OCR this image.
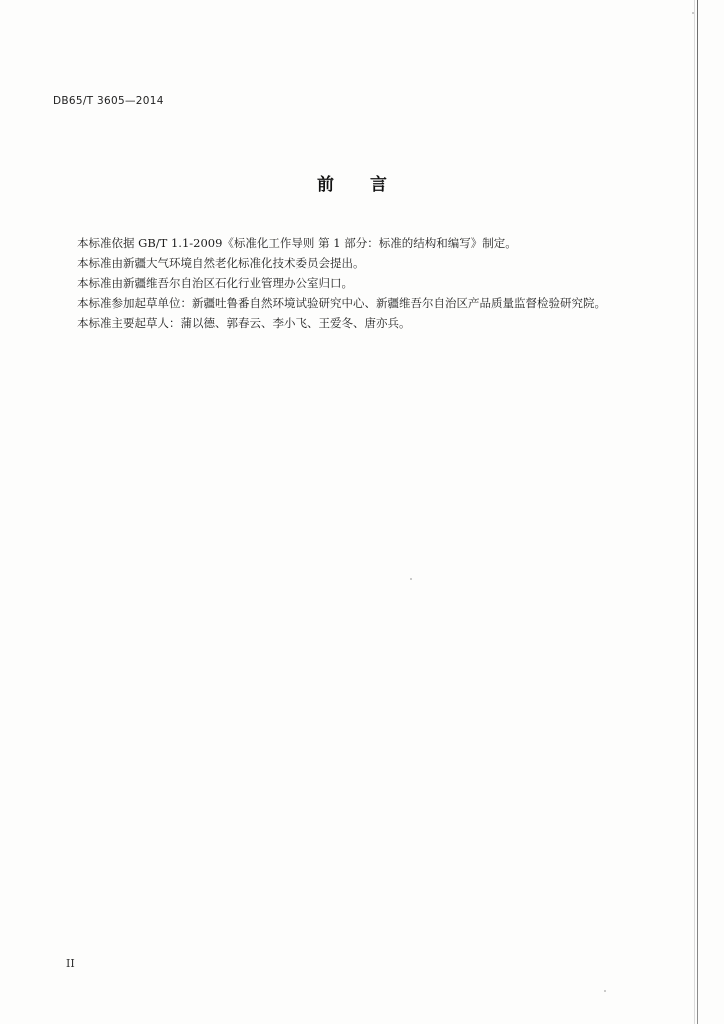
DB65/T 3605—2014
前言

本标准依据 GB/T 1.1-2009《标准化工作导则 第 1 部分：标准的结构和编写》制定。

本标准由新疆大气环境自然老化标准化技术委员会提出。

本标准由新疆维吾尔自治区石化行业管理办公室归口。

本标准参加起草单位：新疆吐鲁番自然环境试验研究中心、新疆维吾尔自治区产品质量监督检验研究院。

本标准主要起草人：蒲以德、郭春云、李小飞、王爱冬、唐亦兵。

II
